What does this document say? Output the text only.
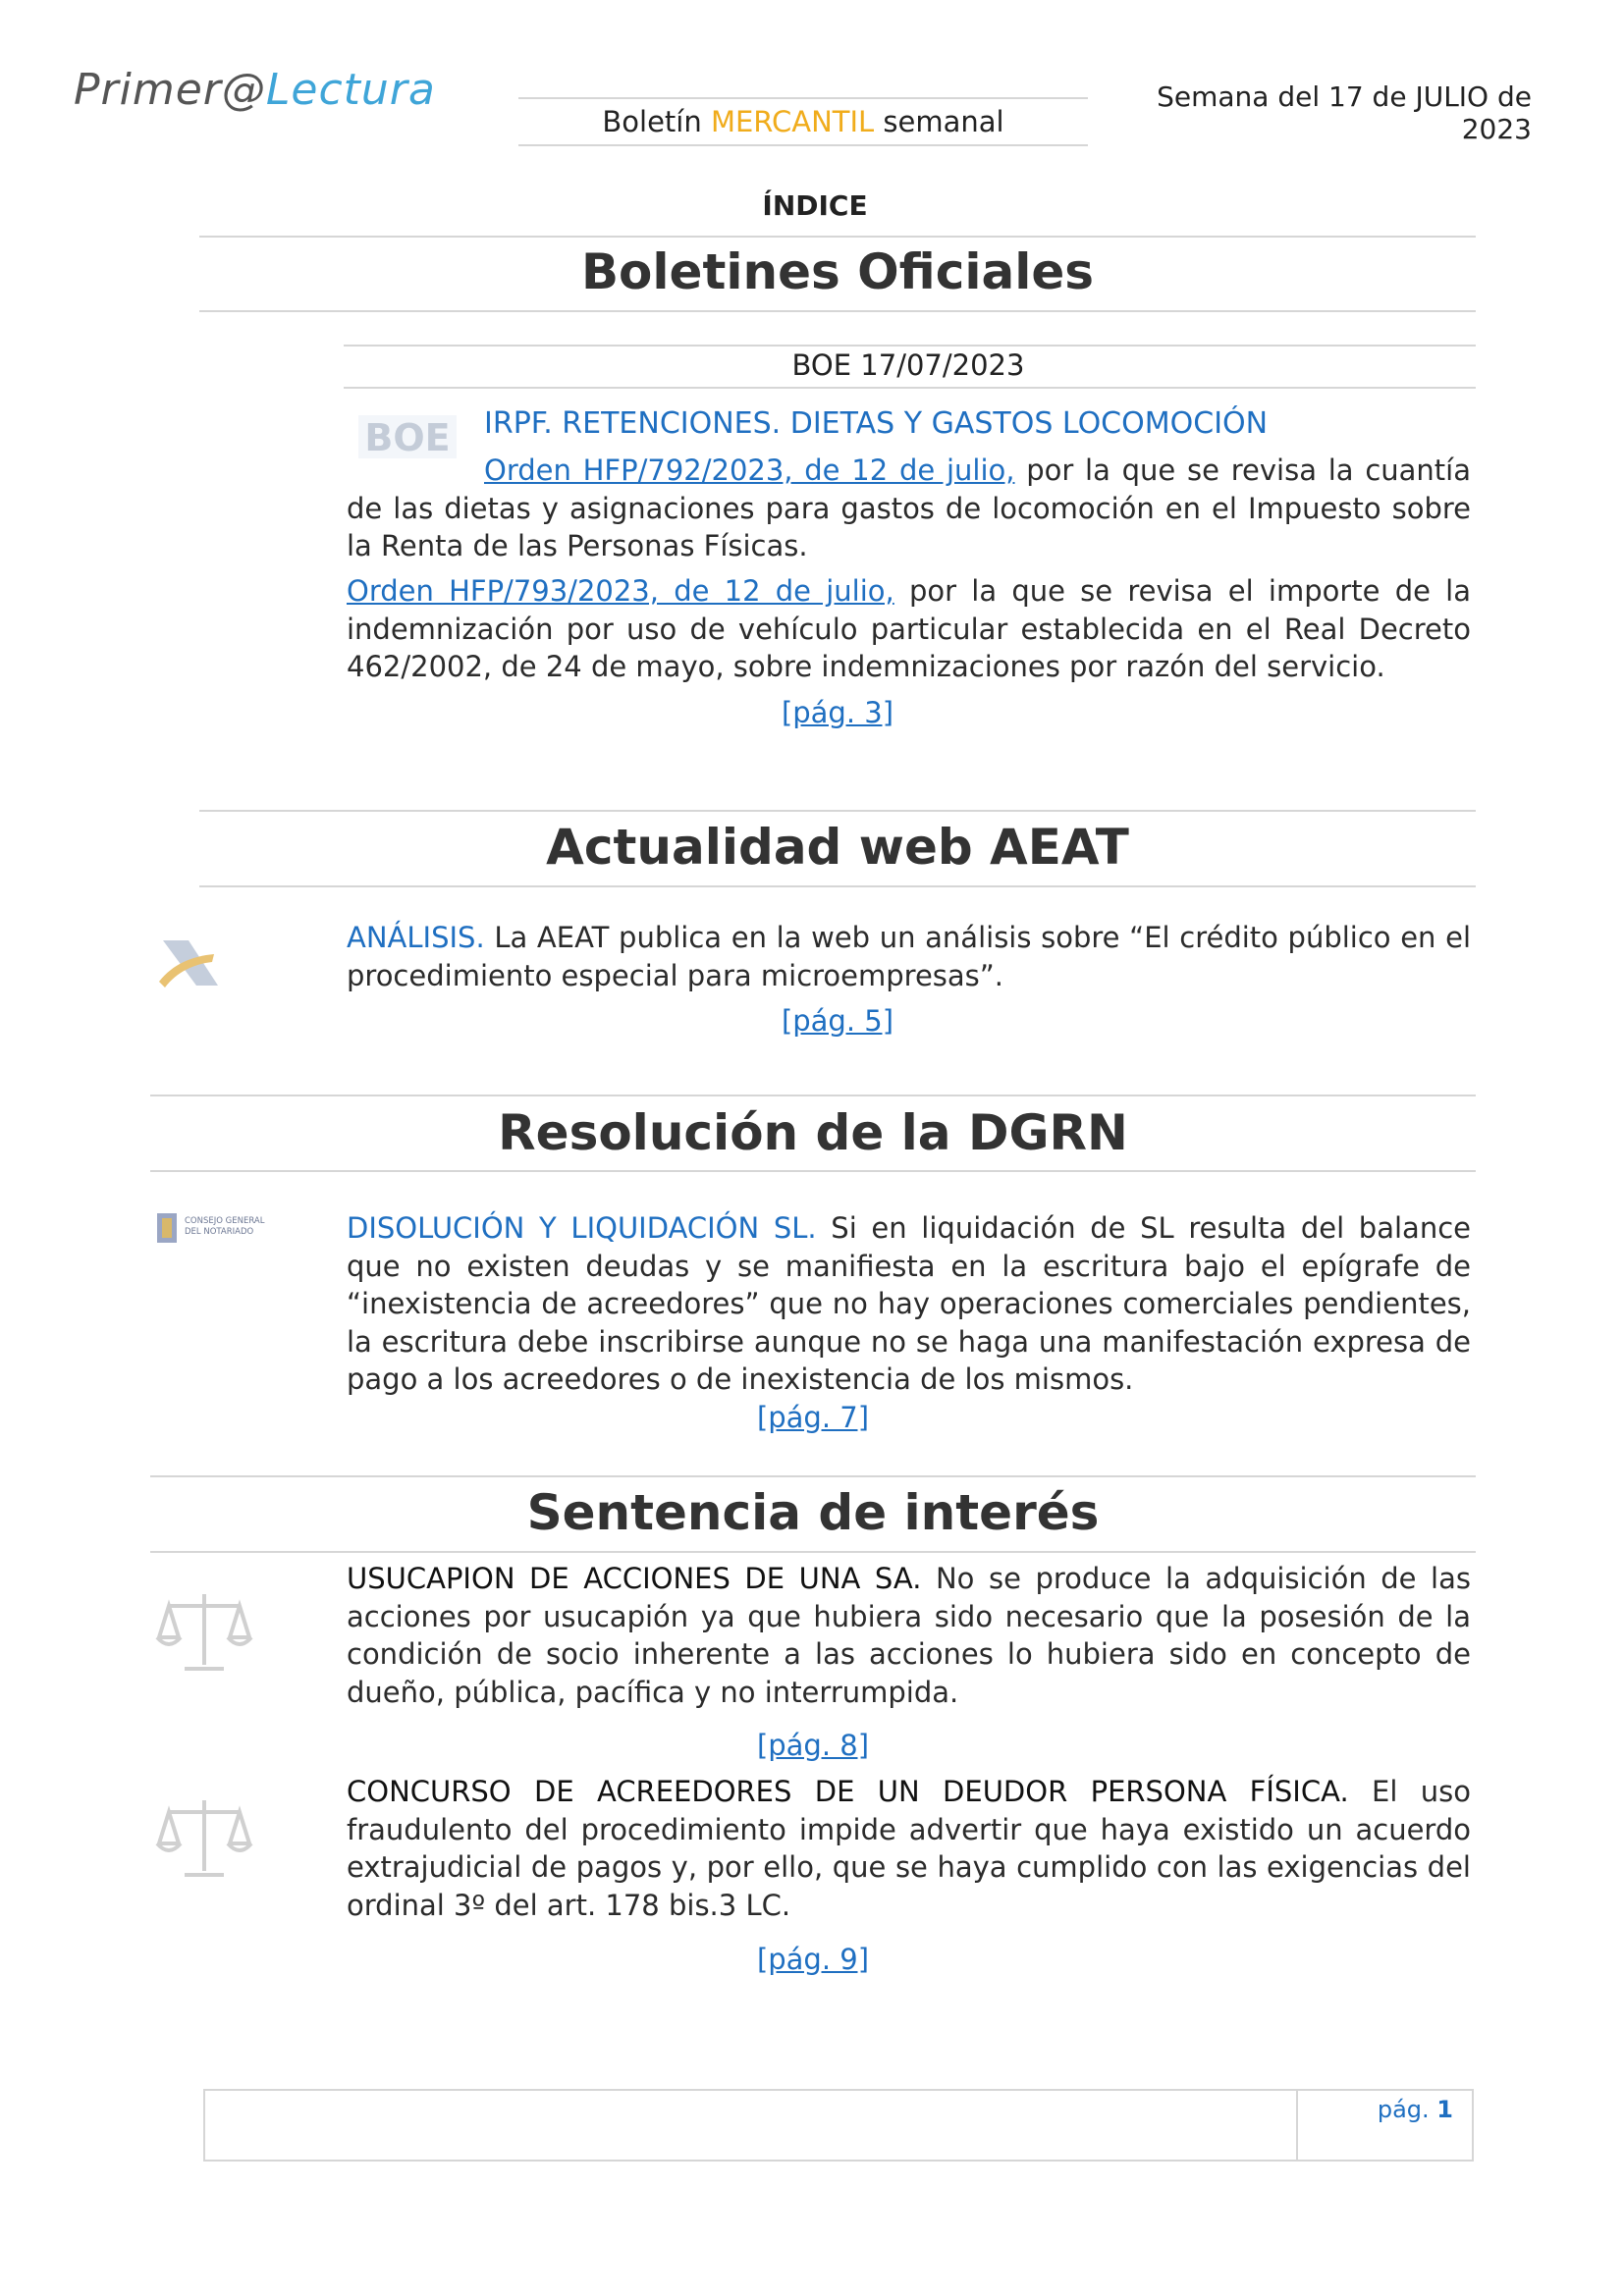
Primer@Lectura
Boletín MERCANTIL semanal
Semana del 17 de JULIO de 2023
ÍNDICE
Boletines Oficiales
BOE 17/07/2023
BOE IRPF. RETENCIONES. DIETAS Y GASTOS LOCOMOCIÓN
Orden HFP/792/2023, de 12 de julio, por la que se revisa la cuantía de las dietas y asignaciones para gastos de locomoción en el Impuesto sobre la Renta de las Personas Físicas.
Orden HFP/793/2023, de 12 de julio, por la que se revisa el importe de la indemnización por uso de vehículo particular establecida en el Real Decreto 462/2002, de 24 de mayo, sobre indemnizaciones por razón del servicio.
[pág. 3]
Actualidad web AEAT
ANÁLISIS. La AEAT publica en la web un análisis sobre “El crédito público en el procedimiento especial para microempresas”.
[pág. 5]
Resolución de la DGRN
CONSEJO GENERAL
DEL NOTARIADO	DISOLUCIÓN Y LIQUIDACIÓN SL. Si en liquidación de SL resulta del balance que no existen deudas y se manifiesta en la escritura bajo el epígrafe de “inexistencia de acreedores” que no hay operaciones comerciales pendientes, la escritura debe inscribirse aunque no se haga una manifestación expresa de pago a los acreedores o de inexistencia de los mismos.
[pág. 7]
Sentencia de interés
USUCAPION DE ACCIONES DE UNA SA. No se produce la adquisición de las acciones por usucapión ya que hubiera sido necesario que la posesión de la condición de socio inherente a las acciones lo hubiera sido en concepto de dueño, pública, pacífica y no interrumpida.
[pág. 8]
CONCURSO DE ACREEDORES DE UN DEUDOR PERSONA FÍSICA. El uso fraudulento del procedimiento impide advertir que haya existido un acuerdo extrajudicial de pagos y, por ello, que se haya cumplido con las exigencias del ordinal 3º del art. 178 bis.3 LC.
[pág. 9]
pág. 1
